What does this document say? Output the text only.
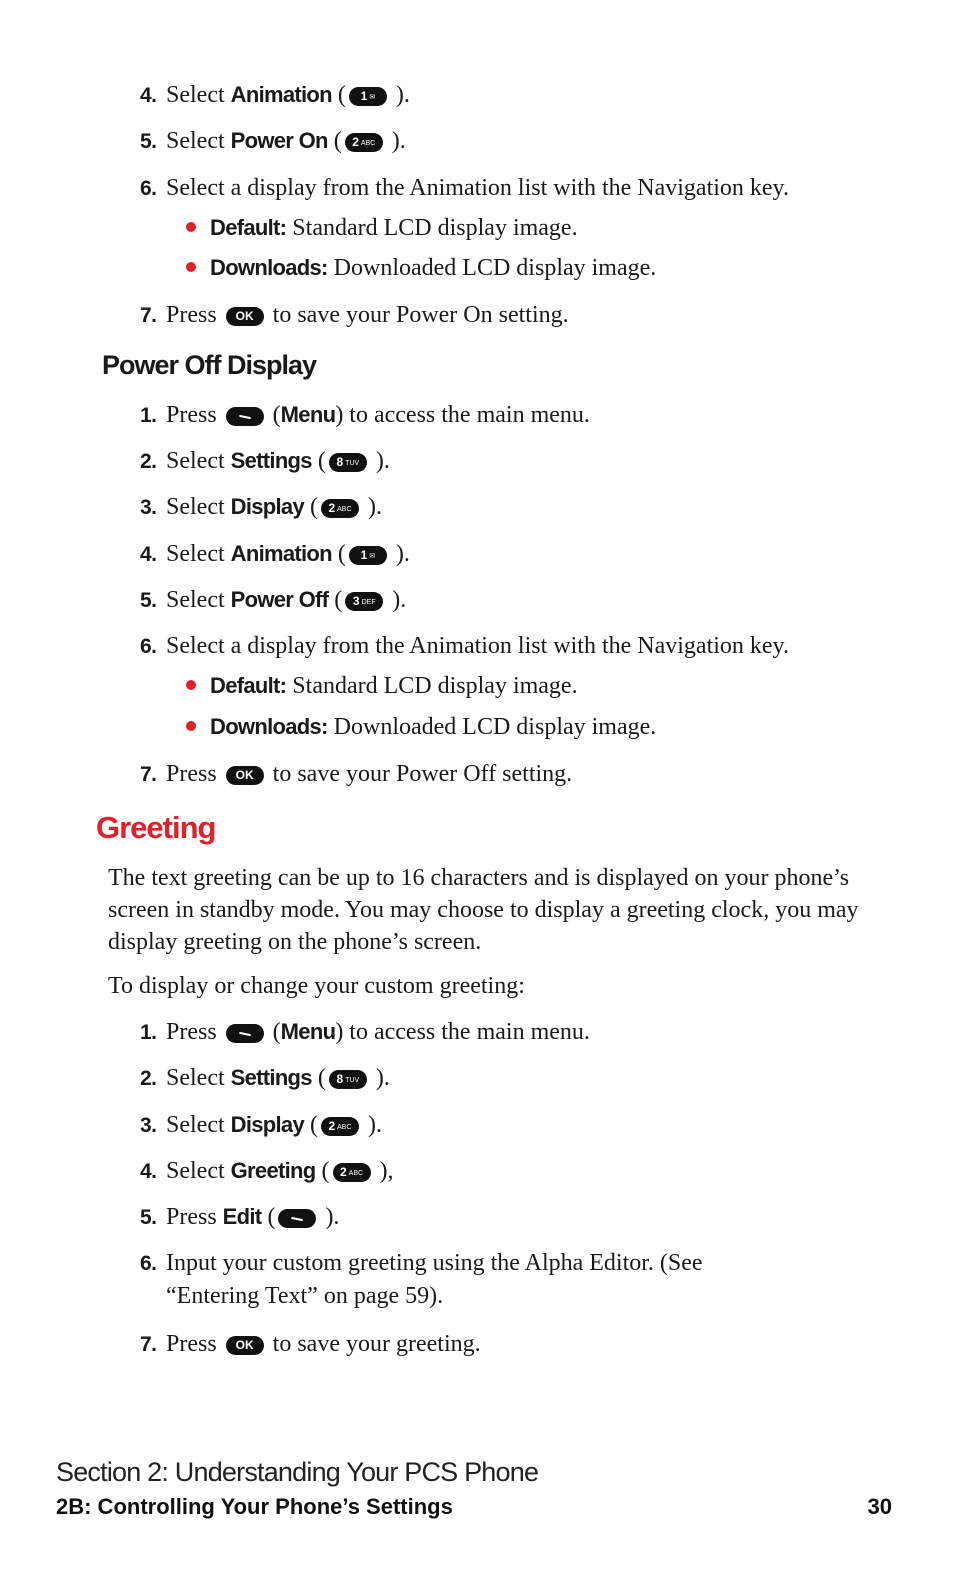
4. Select Animation ( 1 ✉ ).
5. Select Power On ( 2 ABC ).
6. Select a display from the Animation list with the Navigation key.
Default: Standard LCD display image.
Downloads: Downloaded LCD display image.
7. Press OK to save your Power On setting.
Power Off Display
1. Press  (Menu) to access the main menu.
2. Select Settings ( 8 TUV ).
3. Select Display ( 2 ABC ).
4. Select Animation ( 1 ✉ ).
5. Select Power Off ( 3 DEF ).
6. Select a display from the Animation list with the Navigation key.
Default: Standard LCD display image.
Downloads: Downloaded LCD display image.
7. Press OK to save your Power Off setting.
Greeting
The text greeting can be up to 16 characters and is displayed on your phone’s screen in standby mode. You may choose to display a greeting clock, you may display greeting on the phone’s screen.
To display or change your custom greeting:
1. Press  (Menu) to access the main menu.
2. Select Settings ( 8 TUV ).
3. Select Display ( 2 ABC ).
4. Select Greeting ( 2 ABC ),
5. Press Edit ( ).
6. Input your custom greeting using the Alpha Editor. (See
“Entering Text” on page 59).
7. Press OK to save your greeting.
Section 2: Understanding Your PCS Phone
2B: Controlling Your Phone’s Settings	30
